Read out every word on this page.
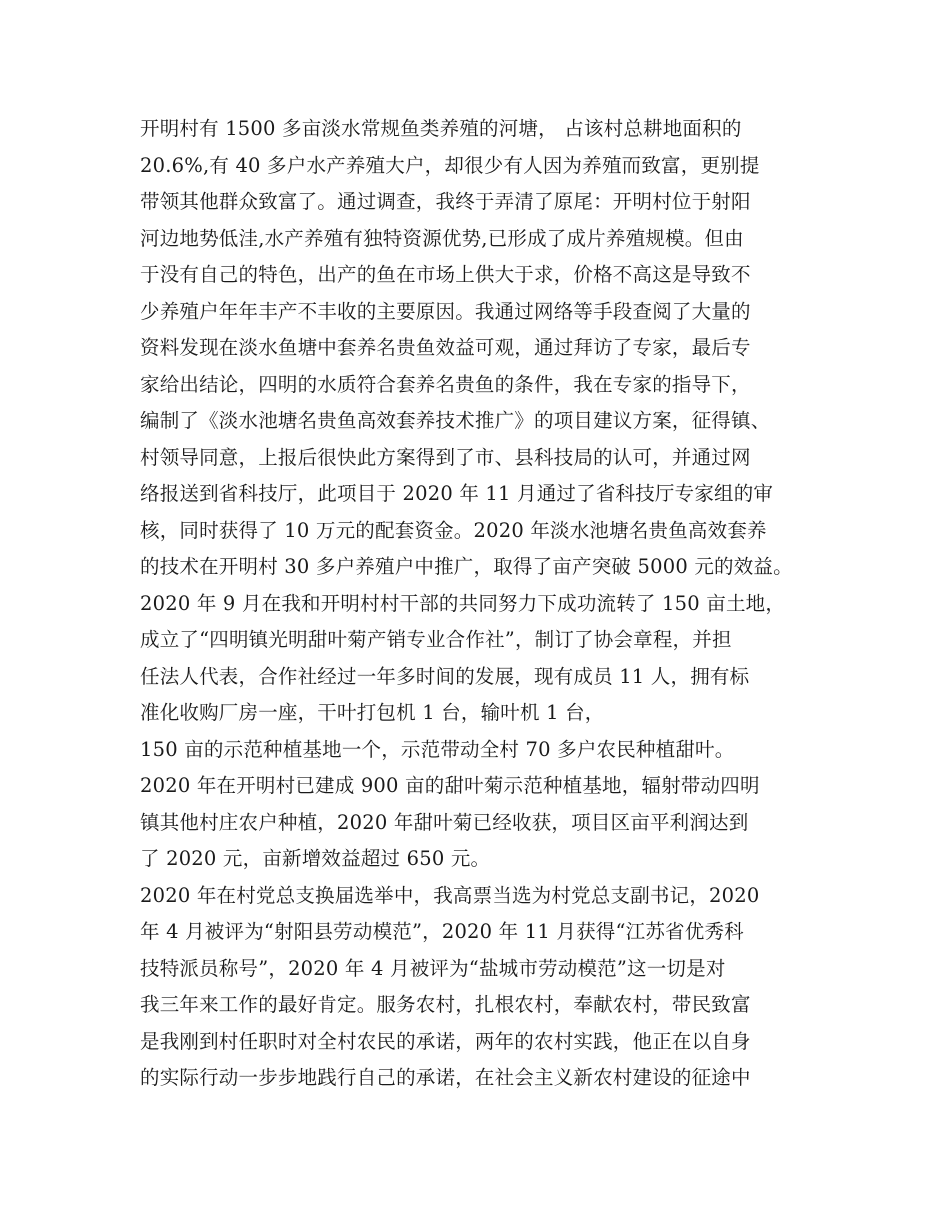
开明村有 1500 多亩淡水常规鱼类养殖的河塘， 占该村总耕地面积的
20.6%,有 40 多户水产养殖大户，却很少有人因为养殖而致富，更别提
带领其他群众致富了。通过调查，我终于弄清了原尾：开明村位于射阳
河边地势低洼,水产养殖有独特资源优势,已形成了成片养殖规模。但由
于没有自己的特色，出产的鱼在市场上供大于求，价格不高这是导致不
少养殖户年年丰产不丰收的主要原因。我通过网络等手段查阅了大量的
资料发现在淡水鱼塘中套养名贵鱼效益可观，通过拜访了专家，最后专
家给出结论，四明的水质符合套养名贵鱼的条件，我在专家的指导下，
编制了《淡水池塘名贵鱼高效套养技术推广》的项目建议方案，征得镇、
村领导同意，上报后很快此方案得到了市、县科技局的认可，并通过网
络报送到省科技厅，此项目于 2020 年 11 月通过了省科技厅专家组的审
核，同时获得了 10 万元的配套资金。2020 年淡水池塘名贵鱼高效套养
的技术在开明村 30 多户养殖户中推广，取得了亩产突破 5000 元的效益。
2020 年 9 月在我和开明村村干部的共同努力下成功流转了 150 亩土地，
成立了“四明镇光明甜叶菊产销专业合作社”，制订了协会章程，并担
任法人代表，合作社经过一年多时间的发展，现有成员 11 人，拥有标
准化收购厂房一座，干叶打包机 1 台，输叶机 1 台，
150 亩的示范种植基地一个，示范带动全村 70 多户农民种植甜叶。
2020 年在开明村已建成 900 亩的甜叶菊示范种植基地，辐射带动四明
镇其他村庄农户种植，2020 年甜叶菊已经收获，项目区亩平利润达到
了 2020 元，亩新增效益超过 650 元。
2020 年在村党总支换届选举中，我高票当选为村党总支副书记，2020
年 4 月被评为“射阳县劳动模范”，2020 年 11 月获得“江苏省优秀科
技特派员称号”，2020 年 4 月被评为“盐城市劳动模范”这一切是对
我三年来工作的最好肯定。服务农村，扎根农村，奉献农村，带民致富
是我刚到村任职时对全村农民的承诺，两年的农村实践，他正在以自身
的实际行动一步步地践行自己的承诺，在社会主义新农村建设的征途中
